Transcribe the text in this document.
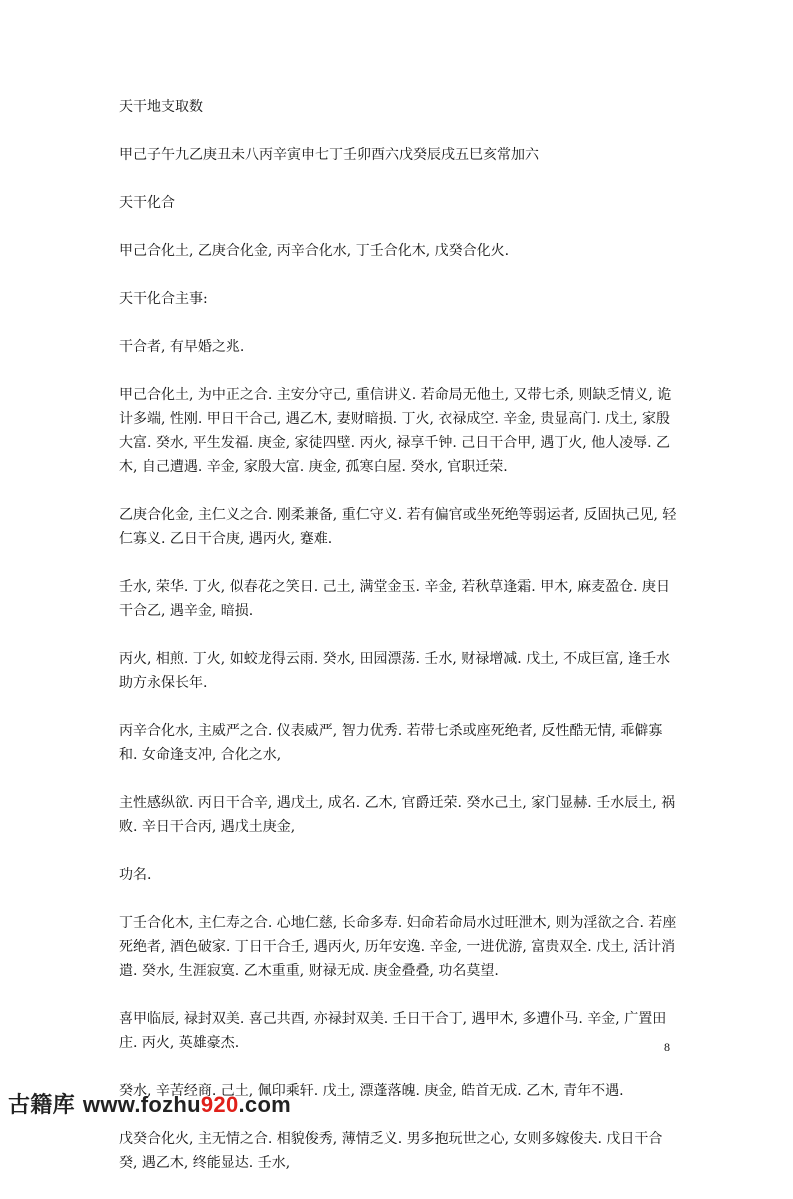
天干地支取数

甲己子午九乙庚丑未八丙辛寅申七丁壬卯酉六戊癸辰戌五巳亥常加六

天干化合

甲己合化土, 乙庚合化金, 丙辛合化水, 丁壬合化木, 戊癸合化火.

天干化合主事:

干合者, 有早婚之兆.

甲己合化土, 为中正之合. 主安分守己, 重信讲义. 若命局无他土, 又带七杀, 则缺乏情义, 诡计多端, 性刚. 甲日干合己, 遇乙木, 妻财暗损. 丁火, 衣禄成空. 辛金, 贵显高门. 戊土, 家殷大富. 癸水, 平生发福. 庚金, 家徒四壁. 丙火, 禄享千钟. 己日干合甲, 遇丁火, 他人凌辱. 乙木, 自己遭遇. 辛金, 家殷大富. 庚金, 孤寒白屋. 癸水, 官职迁荣.

乙庚合化金, 主仁义之合. 刚柔兼备, 重仁守义. 若有偏官或坐死绝等弱运者, 反固执己见, 轻仁寡义. 乙日干合庚, 遇丙火, 蹇难.

壬水, 荣华. 丁火, 似春花之笑日. 己土, 满堂金玉. 辛金, 若秋草逢霜. 甲木, 麻麦盈仓. 庚日干合乙, 遇辛金, 暗损.

丙火, 相煎. 丁火, 如蛟龙得云雨. 癸水, 田园漂荡. 壬水, 财禄增减. 戊土, 不成巨富, 逢壬水助方永保长年.

丙辛合化水, 主威严之合. 仪表威严, 智力优秀. 若带七杀或座死绝者, 反性酷无情, 乖僻寡和. 女命逢支冲, 合化之水,

主性感纵欲. 丙日干合辛, 遇戊土, 成名. 乙木, 官爵迁荣. 癸水己土, 家门显赫. 壬水辰土, 祸败. 辛日干合丙, 遇戊土庚金,

功名.

丁壬合化木, 主仁寿之合. 心地仁慈, 长命多寿. 妇命若命局水过旺泄木, 则为淫欲之合. 若座死绝者, 酒色破家. 丁日干合壬, 遇丙火, 历年安逸. 辛金, 一进优游, 富贵双全. 戊土, 活计消遣. 癸水, 生涯寂寞. 乙木重重, 财禄无成. 庚金叠叠, 功名莫望.

喜甲临辰, 禄封双美. 喜己共酉, 亦禄封双美. 壬日干合丁, 遇甲木, 多遭仆马. 辛金, 广置田庄. 丙火, 英雄豪杰.

癸水, 辛苦经商. 己土, 佩印乘轩. 戊土, 漂蓬落魄. 庚金, 皓首无成. 乙木, 青年不遇.

戊癸合化火, 主无情之合. 相貌俊秀, 薄情乏义. 男多抱玩世之心, 女则多嫁俊夫. 戊日干合癸, 遇乙木, 终能显达. 壬水,

8
古籍库 www.fozhu920.com
